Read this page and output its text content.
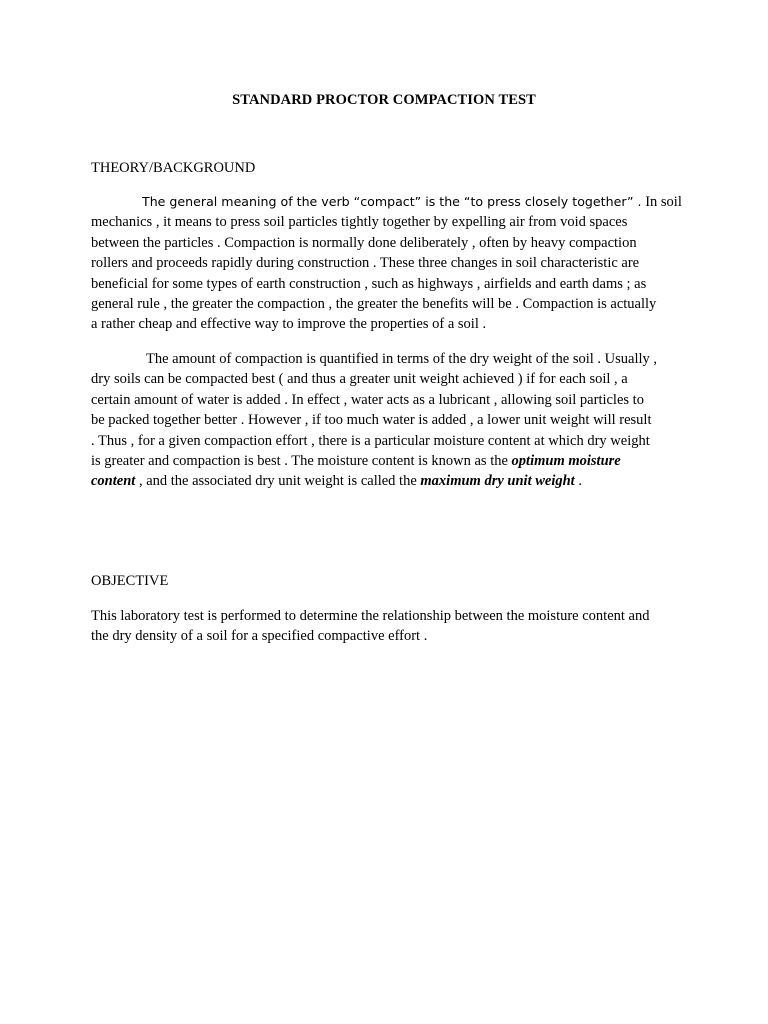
STANDARD PROCTOR COMPACTION TEST
THEORY/BACKGROUND
The general meaning of the verb “compact” is the “to press closely together” . In soil
mechanics , it means to press soil particles tightly together by expelling air from void spaces
between the particles . Compaction is normally done deliberately , often by heavy compaction
rollers and proceeds rapidly during construction . These three changes in soil characteristic are
beneficial for some types of earth construction , such as highways , airfields and earth dams ; as
general rule , the greater the compaction , the greater the benefits will be . Compaction is actually
a rather cheap and effective way to improve the properties of a soil .
The amount of compaction is quantified in terms of the dry weight of the soil . Usually ,
dry soils can be compacted best ( and thus a greater unit weight achieved ) if for each soil , a
certain amount of water is added . In effect , water acts as a lubricant , allowing soil particles to
be packed together better . However , if too much water is added , a lower unit weight will result
. Thus , for a given compaction effort , there is a particular moisture content at which dry weight
is greater and compaction is best . The moisture content is known as the optimum moisture
content , and the associated dry unit weight is called the maximum dry unit weight .
OBJECTIVE
This laboratory test is performed to determine the relationship between the moisture content and
the dry density of a soil for a specified compactive effort .
